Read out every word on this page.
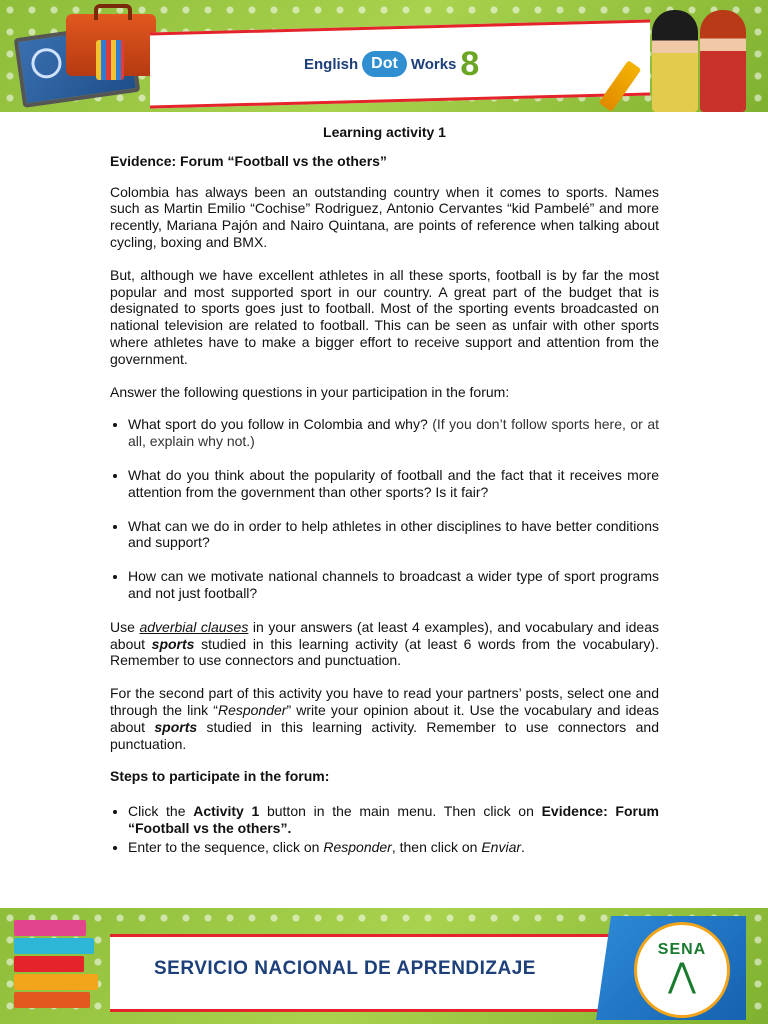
English Dot Works 8
Learning activity 1
Evidence: Forum “Football vs the others”

Colombia has always been an outstanding country when it comes to sports. Names such as Martin Emilio “Cochise” Rodriguez, Antonio Cervantes “kid Pambelé” and more recently, Mariana Pajón and Nairo Quintana, are points of reference when talking about cycling, boxing and BMX.

But, although we have excellent athletes in all these sports, football is by far the most popular and most supported sport in our country. A great part of the budget that is designated to sports goes just to football. Most of the sporting events broadcasted on national television are related to football. This can be seen as unfair with other sports where athletes have to make a bigger effort to receive support and attention from the government.

Answer the following questions in your participation in the forum:

• What sport do you follow in Colombia and why? (If you don’t follow sports here, or at all, explain why not.)
• What do you think about the popularity of football and the fact that it receives more attention from the government than other sports? Is it fair?
• What can we do in order to help athletes in other disciplines to have better conditions and support?
• How can we motivate national channels to broadcast a wider type of sport programs and not just football?

Use adverbial clauses in your answers (at least 4 examples), and vocabulary and ideas about sports studied in this learning activity (at least 6 words from the vocabulary). Remember to use connectors and punctuation.

For the second part of this activity you have to read your partners’ posts, select one and through the link “Responder” write your opinion about it. Use the vocabulary and ideas about sports studied in this learning activity. Remember to use connectors and punctuation.

Steps to participate in the forum:
• Click the Activity 1 button in the main menu. Then click on Evidence: Forum “Football vs the others”.
• Enter to the sequence, click on Responder, then click on Enviar.
SERVICIO NACIONAL DE APRENDIZAJE
SENA
⋀
